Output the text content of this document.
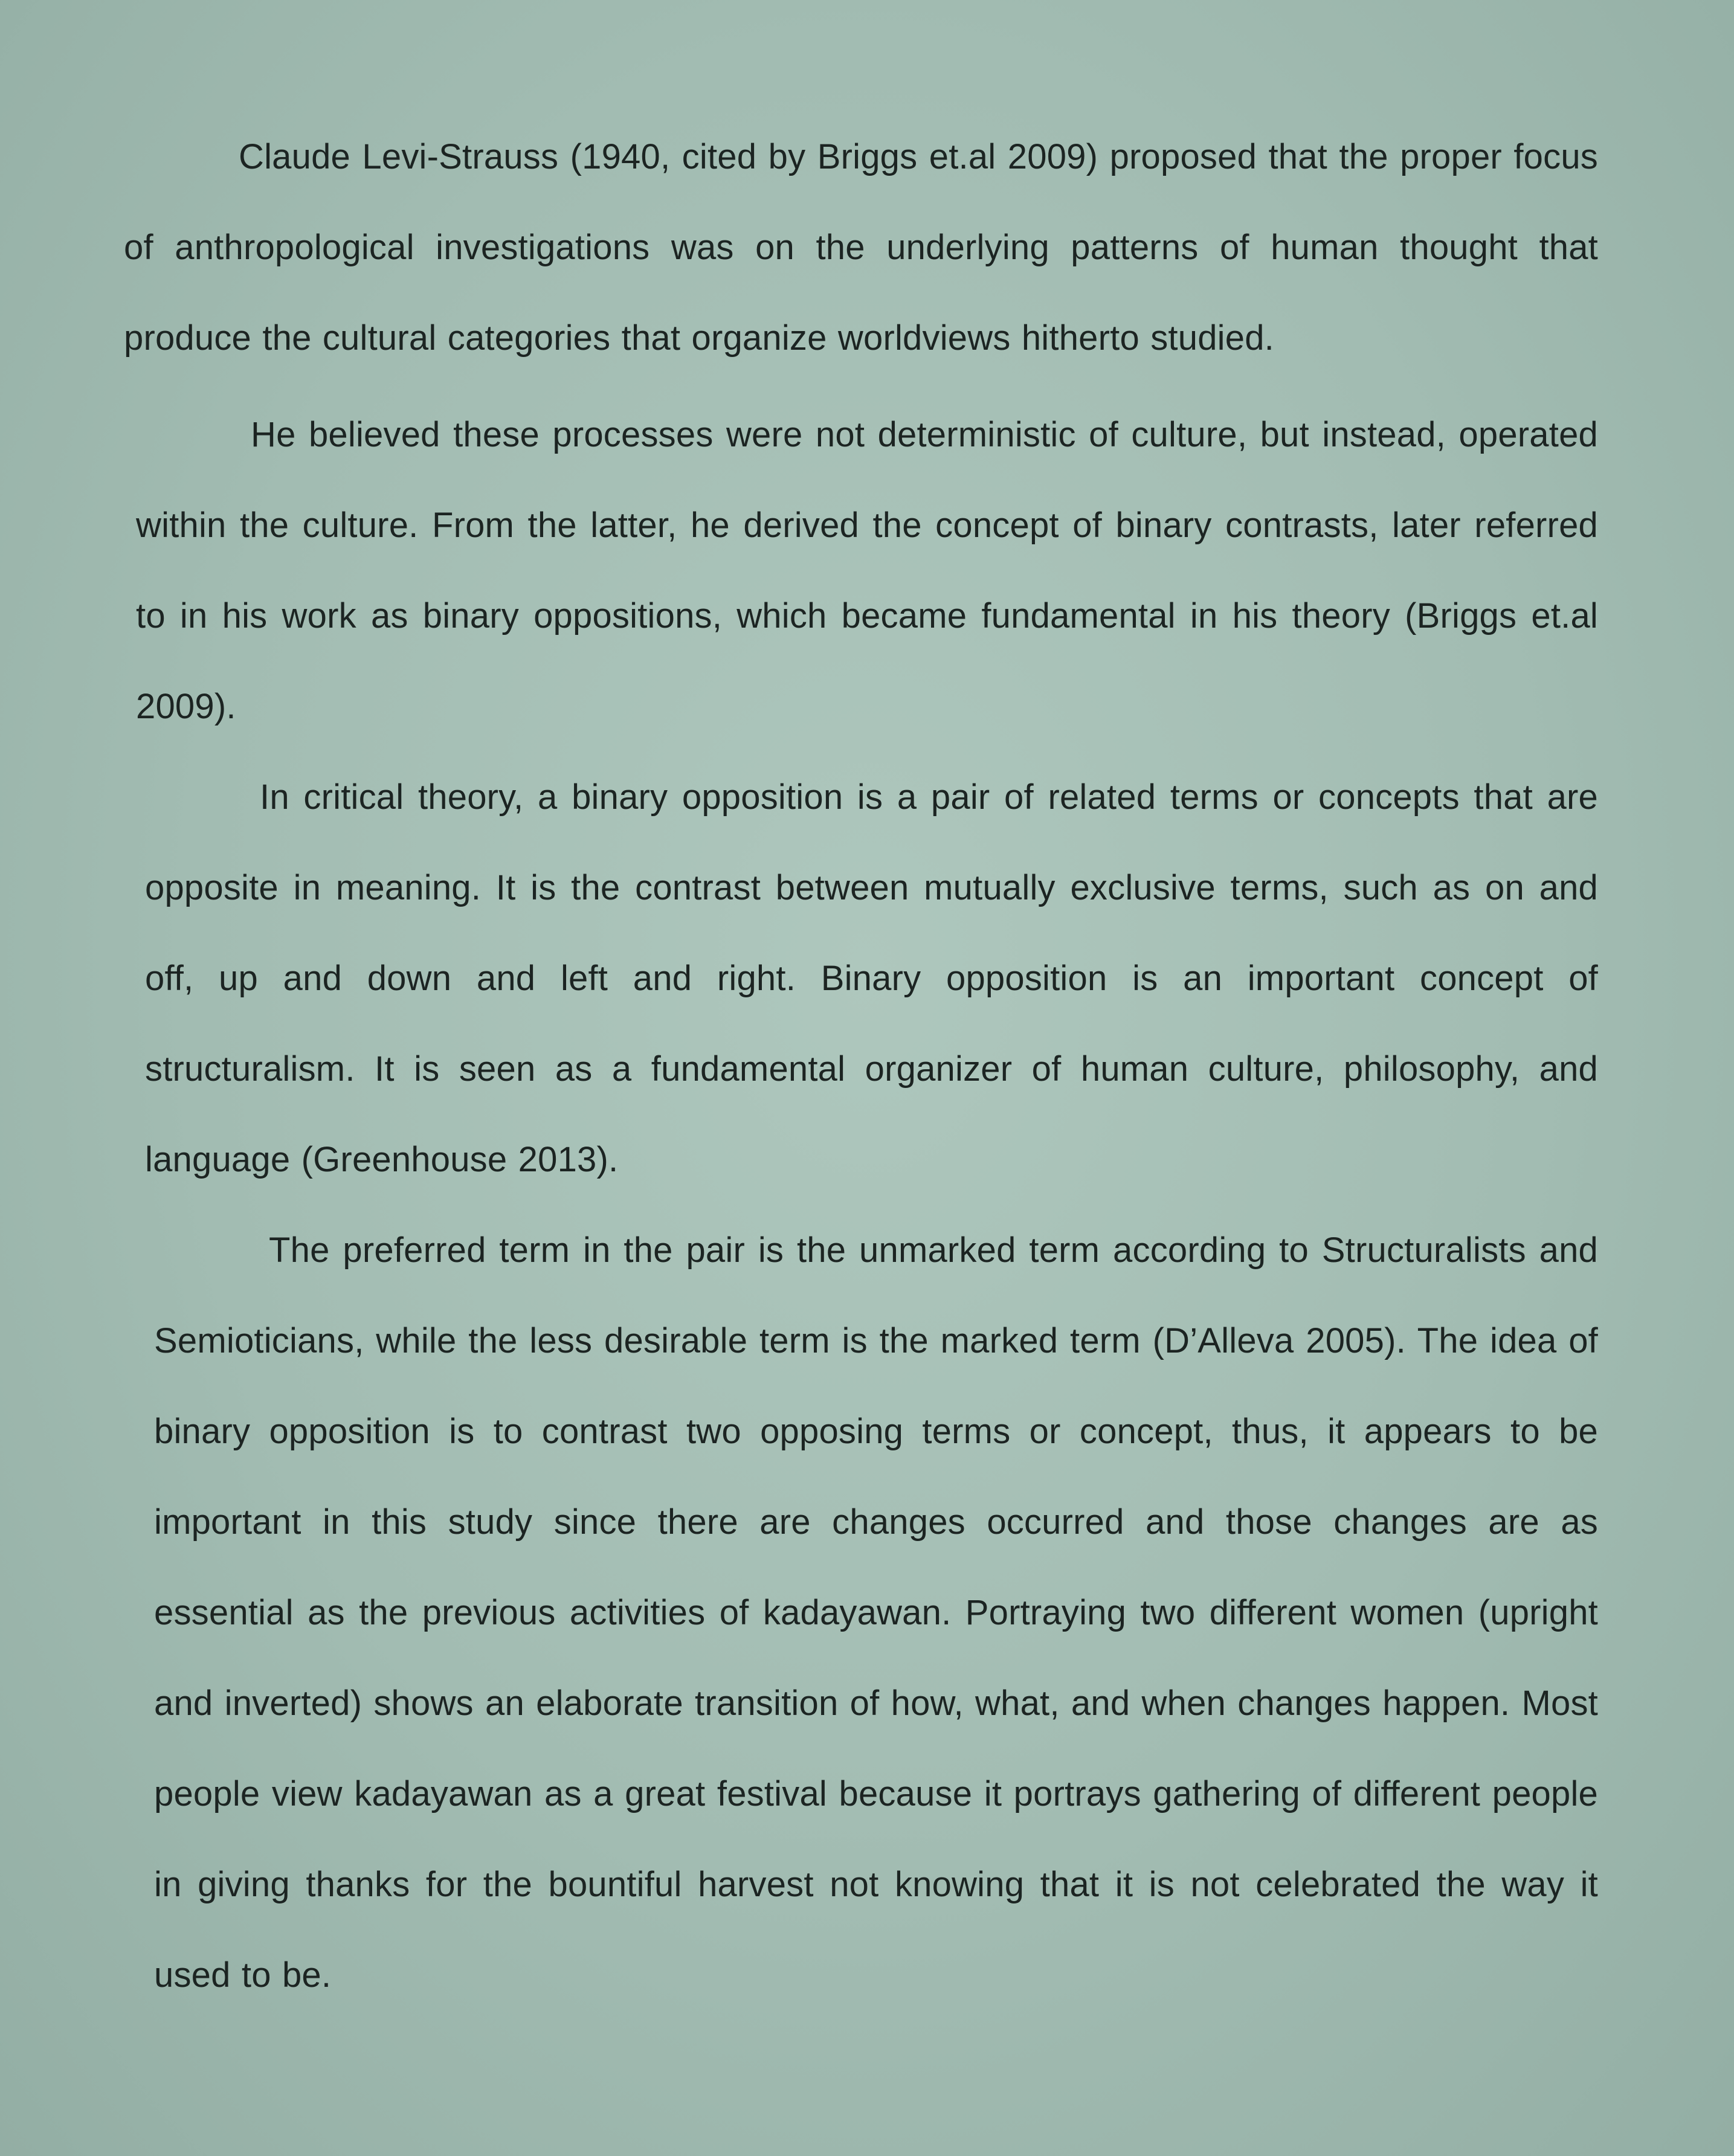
Claude Levi-Strauss (1940, cited by Briggs et.al 2009) proposed that the proper focus of anthropological investigations was on the underlying patterns of human thought that produce the cultural categories that organize worldviews hitherto studied.

He believed these processes were not deterministic of culture, but instead, operated within the culture. From the latter, he derived the concept of binary contrasts, later referred to in his work as binary oppositions, which became fundamental in his theory (Briggs et.al 2009).

In critical theory, a binary opposition is a pair of related terms or concepts that are opposite in meaning. It is the contrast between mutually exclusive terms, such as on and off, up and down and left and right. Binary opposition is an important concept of structuralism. It is seen as a fundamental organizer of human culture, philosophy, and language (Greenhouse 2013).

The preferred term in the pair is the unmarked term according to Structuralists and Semioticians, while the less desirable term is the marked term (D’Alleva 2005). The idea of binary opposition is to contrast two opposing terms or concept, thus, it appears to be important in this study since there are changes occurred and those changes are as essential as the previous activities of kadayawan. Portraying two different women (upright and inverted) shows an elaborate transition of how, what, and when changes happen. Most people view kadayawan as a great festival because it portrays gathering of different people in giving thanks for the bountiful harvest not knowing that it is not celebrated the way it used to be.
